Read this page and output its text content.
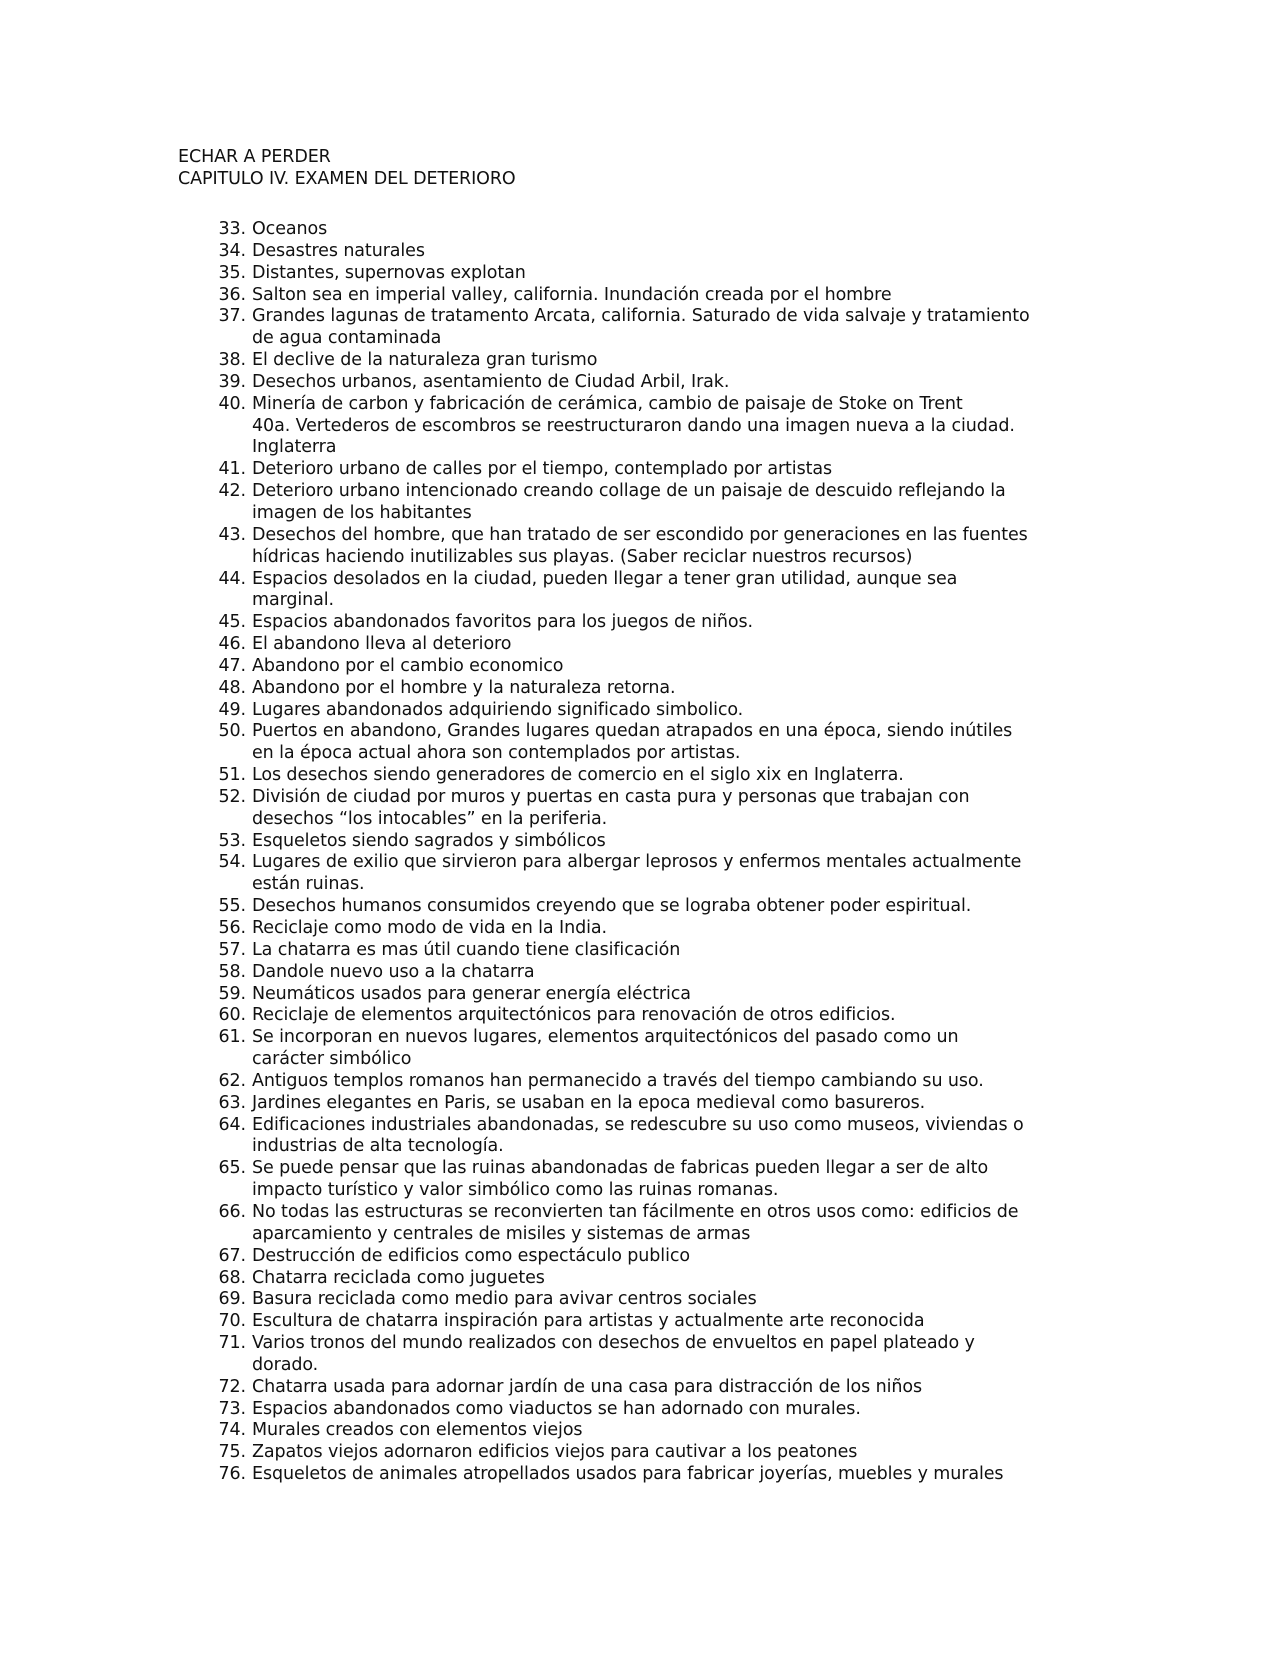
ECHAR A PERDER
CAPITULO IV. EXAMEN DEL DETERIORO
33. Oceanos
34. Desastres naturales
35. Distantes, supernovas explotan
36. Salton sea en imperial valley, california. Inundación creada por el hombre
37. Grandes lagunas de tratamento Arcata, california. Saturado de vida salvaje y tratamiento
de agua contaminada
38. El declive de la naturaleza gran turismo
39. Desechos urbanos, asentamiento de Ciudad Arbil, Irak.
40. Minería de carbon y fabricación de cerámica, cambio de paisaje de Stoke on Trent
40a. Vertederos de escombros se reestructuraron dando una imagen nueva a la ciudad.
Inglaterra
41. Deterioro urbano de calles por el tiempo, contemplado por artistas
42. Deterioro urbano intencionado creando collage de un paisaje de descuido reflejando la
imagen de los habitantes
43. Desechos del hombre, que han tratado de ser escondido por generaciones en las fuentes
hídricas haciendo inutilizables sus playas. (Saber reciclar nuestros recursos)
44. Espacios desolados en la ciudad, pueden llegar a tener gran utilidad, aunque sea
marginal.
45. Espacios abandonados favoritos para los juegos de niños.
46. El abandono lleva al deterioro
47. Abandono por el cambio economico
48. Abandono por el hombre y la naturaleza retorna.
49. Lugares abandonados adquiriendo significado simbolico.
50. Puertos en abandono, Grandes lugares quedan atrapados en una época, siendo inútiles
en la época actual ahora son contemplados por artistas.
51. Los desechos siendo generadores de comercio en el siglo xix en Inglaterra.
52. División de ciudad por muros y puertas en casta pura y personas que trabajan con
desechos “los intocables” en la periferia.
53. Esqueletos siendo sagrados y simbólicos
54. Lugares de exilio que sirvieron para albergar leprosos y enfermos mentales actualmente
están ruinas.
55. Desechos humanos consumidos creyendo que se lograba obtener poder espiritual.
56. Reciclaje como modo de vida en la India.
57. La chatarra es mas útil cuando tiene clasificación
58. Dandole nuevo uso a la chatarra
59. Neumáticos usados para generar energía eléctrica
60. Reciclaje de elementos arquitectónicos para renovación de otros edificios.
61. Se incorporan en nuevos lugares, elementos arquitectónicos del pasado como un
carácter simbólico
62. Antiguos templos romanos han permanecido a través del tiempo cambiando su uso.
63. Jardines elegantes en Paris, se usaban en la epoca medieval como basureros.
64. Edificaciones industriales abandonadas, se redescubre su uso como museos, viviendas o
industrias de alta tecnología.
65. Se puede pensar que las ruinas abandonadas de fabricas pueden llegar a ser de alto
impacto turístico y valor simbólico como las ruinas romanas.
66. No todas las estructuras se reconvierten tan fácilmente en otros usos como: edificios de
aparcamiento y centrales de misiles y sistemas de armas
67. Destrucción de edificios como espectáculo publico
68. Chatarra reciclada como juguetes
69. Basura reciclada como medio para avivar centros sociales
70. Escultura de chatarra inspiración para artistas y actualmente arte reconocida
71. Varios tronos del mundo realizados con desechos de envueltos en papel plateado y
dorado.
72. Chatarra usada para adornar jardín de una casa para distracción de los niños
73. Espacios abandonados como viaductos se han adornado con murales.
74. Murales creados con elementos viejos
75. Zapatos viejos adornaron edificios viejos para cautivar a los peatones
76. Esqueletos de animales atropellados usados para fabricar joyerías, muebles y murales
